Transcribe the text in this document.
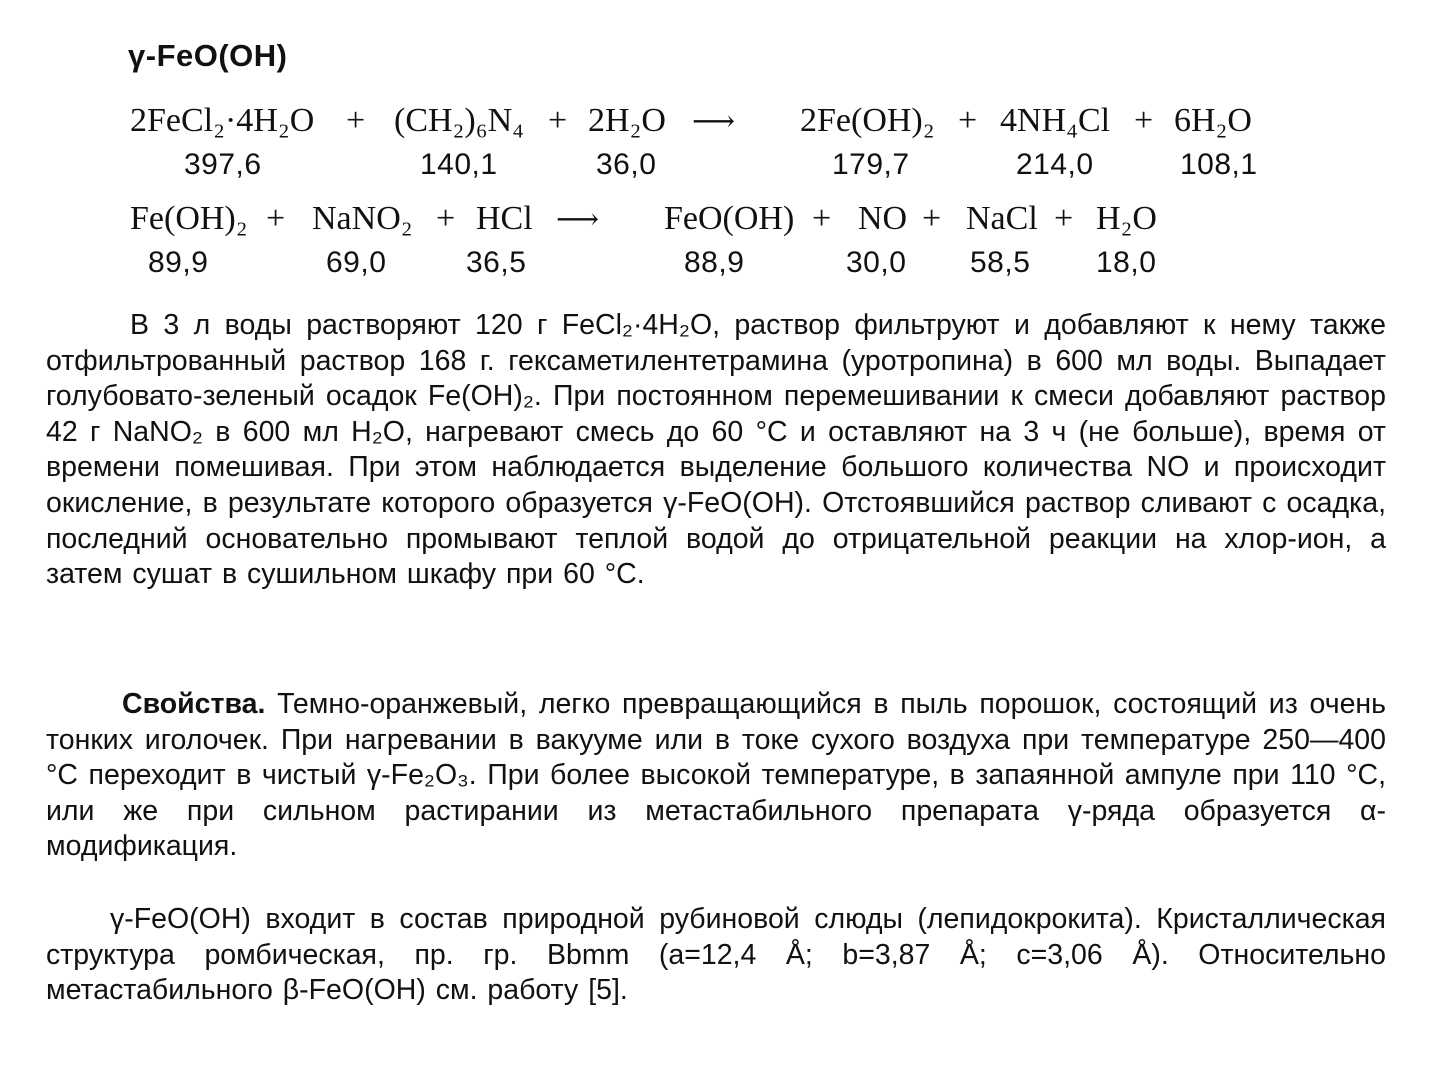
γ-FeO(OH)
2FeCl₂·4H₂O + (CH₂)₆N₄ + 2H₂O ⟶ 2Fe(OH)₂ + 4NH₄Cl + 6H₂O
397,6	140,1	36,0	179,7	214,0	108,1
Fe(OH)₂ + NaNO₂ + HCl ⟶ FeO(OH) + NO + NaCl + H₂O
89,9	69,0	36,5	88,9	30,0 58,5 18,0

В 3 л воды растворяют 120 г FeCl₂·4H₂O, раствор фильтруют и добавляют к нему также отфильтрованный раствор 168 г. гексаметилентетрамина (уротропина) в 600 мл воды. Выпадает голубовато-зеленый осадок Fe(OH)₂. При постоянном перемешивании к смеси добавляют раствор 42 г NaNO₂ в 600 мл H₂O, нагревают смесь до 60 °C и оставляют на 3 ч (не больше), время от времени помешивая. При этом наблюдается выделение большого количества NO и происходит окисление, в результате которого образуется γ-FeO(OH). Отстоявшийся раствор сливают с осадка, последний основательно промывают теплой водой до отрицательной реакции на хлор-ион, а затем сушат в сушильном шкафу при 60 °C.

Свойства. Темно-оранжевый, легко превращающийся в пыль порошок, состоящий из очень тонких иголочек. При нагревании в вакууме или в токе сухого воздуха при температуре 250—400 °C переходит в чистый γ-Fe₂O₃. При более высокой температуре, в запаянной ампуле при 110 °C, или же при сильном растирании из метастабильного препарата γ-ряда образуется α-модификация.

γ-FeO(OH) входит в состав природной рубиновой слюды (лепидокрокита). Кристаллическая структура ромбическая, пр. гр. Bbmm (a=12,4 Å; b=3,87 Å; c=3,06 Å). Относительно метастабильного β-FeO(OH) см. работу [5].
